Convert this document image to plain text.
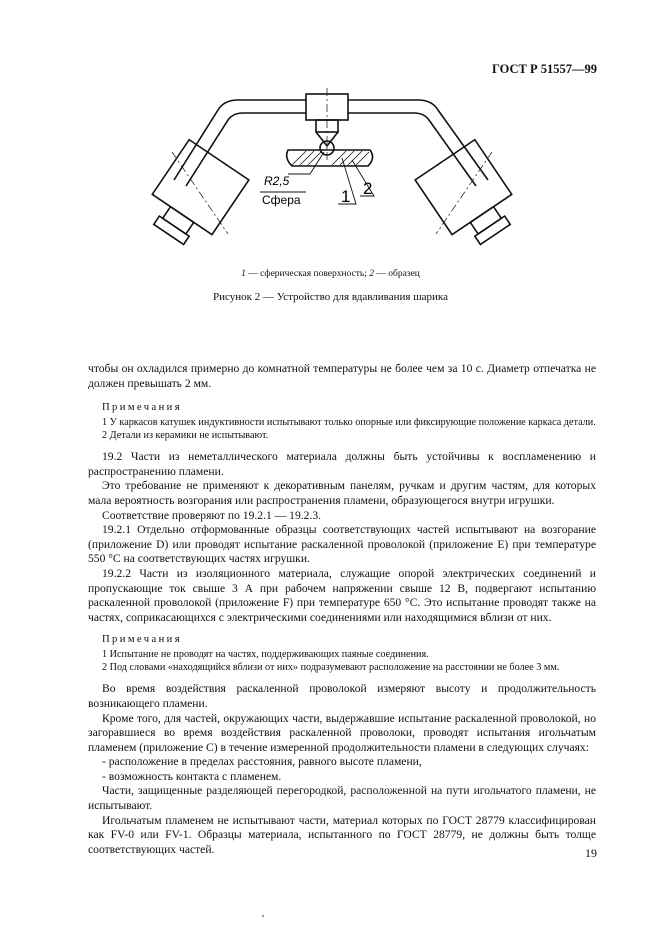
ГОСТ Р 51557—99
R2,5
Сфера 1 2
1 — сферическая поверхность; 2 — образец
Рисунок 2 — Устройство для вдавливания шарика

чтобы он охладился примерно до комнатной температуры не более чем за 10 с. Диаметр отпечатка не должен превышать 2 мм.

Примечания

1 У каркасов катушек индуктивности испытывают только опорные или фиксирующие положение каркаса детали.

2 Детали из керамики не испытывают.

19.2 Части из неметаллического материала должны быть устойчивы к воспламенению и распространению пламени.

Это требование не применяют к декоративным панелям, ручкам и другим частям, для которых мала вероятность возгорания или распространения пламени, образующегося внутри игрушки.

Соответствие проверяют по 19.2.1 — 19.2.3.

19.2.1 Отдельно отформованные образцы соответствующих частей испытывают на возгорание (приложение D) или проводят испытание раскаленной проволокой (приложение E) при температуре 550 °С на соответствующих частях игрушки.

19.2.2 Части из изоляционного материала, служащие опорой электрических соединений и пропускающие ток свыше 3 А при рабочем напряжении свыше 12 В, подвергают испытанию раскаленной проволокой (приложение F) при температуре 650 °С. Это испытание проводят также на частях, соприкасающихся с электрическими соединениями или находящимися вблизи от них.

Примечания

1 Испытание не проводят на частях, поддерживающих паяные соединения.

2 Под словами «находящийся вблизи от них» подразумевают расположение на расстоянии не более 3 мм.

Во время воздействия раскаленной проволокой измеряют высоту и продолжительность возникающего пламени.

Кроме того, для частей, окружающих части, выдержавшие испытание раскаленной проволокой, но загоравшиеся во время воздействия раскаленной проволоки, проводят испытания игольчатым пламенем (приложение С) в течение измеренной продолжительности пламени в следующих случаях:

- расположение в пределах расстояния, равного высоте пламени,

- возможность контакта с пламенем.

Части, защищенные разделяющей перегородкой, расположенной на пути игольчатого пламени, не испытывают.

Игольчатым пламенем не испытывают части, материал которых по ГОСТ 28779 классифицирован как FV-0 или FV-1. Образцы материала, испытанного по ГОСТ 28779, не должны быть толще соответствующих частей.	19
